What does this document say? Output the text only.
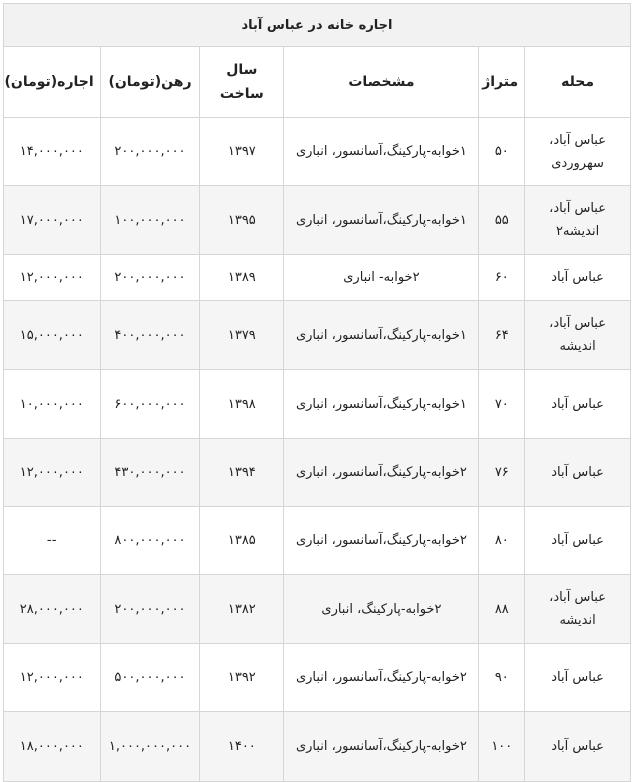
اجاره خانه در عباس آباد					
محله	متراژ	مشخصات	سال ساخت	رهن(تومان)	اجاره(تومان)
عباس آباد، سهروردی	۵۰	۱خوابه-پارکینگ،آسانسور، انباری	۱۳۹۷	۲۰۰,۰۰۰,۰۰۰	۱۴,۰۰۰,۰۰۰
عباس آباد، اندیشه۲	۵۵	۱خوابه-پارکینگ،آسانسور، انباری	۱۳۹۵	۱۰۰,۰۰۰,۰۰۰	۱۷,۰۰۰,۰۰۰
عباس آباد	۶۰	۲خوابه- انباری	۱۳۸۹	۲۰۰,۰۰۰,۰۰۰	۱۲,۰۰۰,۰۰۰
عباس آباد، اندیشه	۶۴	۱خوابه-پارکینگ،آسانسور، انباری	۱۳۷۹	۴۰۰,۰۰۰,۰۰۰	۱۵,۰۰۰,۰۰۰
عباس آباد	۷۰	۱خوابه-پارکینگ،آسانسور، انباری	۱۳۹۸	۶۰۰,۰۰۰,۰۰۰	۱۰,۰۰۰,۰۰۰
عباس آباد	۷۶	۲خوابه-پارکینگ،آسانسور، انباری	۱۳۹۴	۴۳۰,۰۰۰,۰۰۰	۱۲,۰۰۰,۰۰۰
عباس آباد	۸۰	۲خوابه-پارکینگ،آسانسور، انباری	۱۳۸۵	۸۰۰,۰۰۰,۰۰۰	--
عباس آباد، اندیشه	۸۸	۲خوابه-پارکینگ، انباری	۱۳۸۲	۲۰۰,۰۰۰,۰۰۰	۲۸,۰۰۰,۰۰۰
عباس آباد	۹۰	۲خوابه-پارکینگ،آسانسور، انباری	۱۳۹۲	۵۰۰,۰۰۰,۰۰۰	۱۲,۰۰۰,۰۰۰
عباس آباد	۱۰۰	۲خوابه-پارکینگ،آسانسور، انباری	۱۴۰۰	۱,۰۰۰,۰۰۰,۰۰۰	۱۸,۰۰۰,۰۰۰
